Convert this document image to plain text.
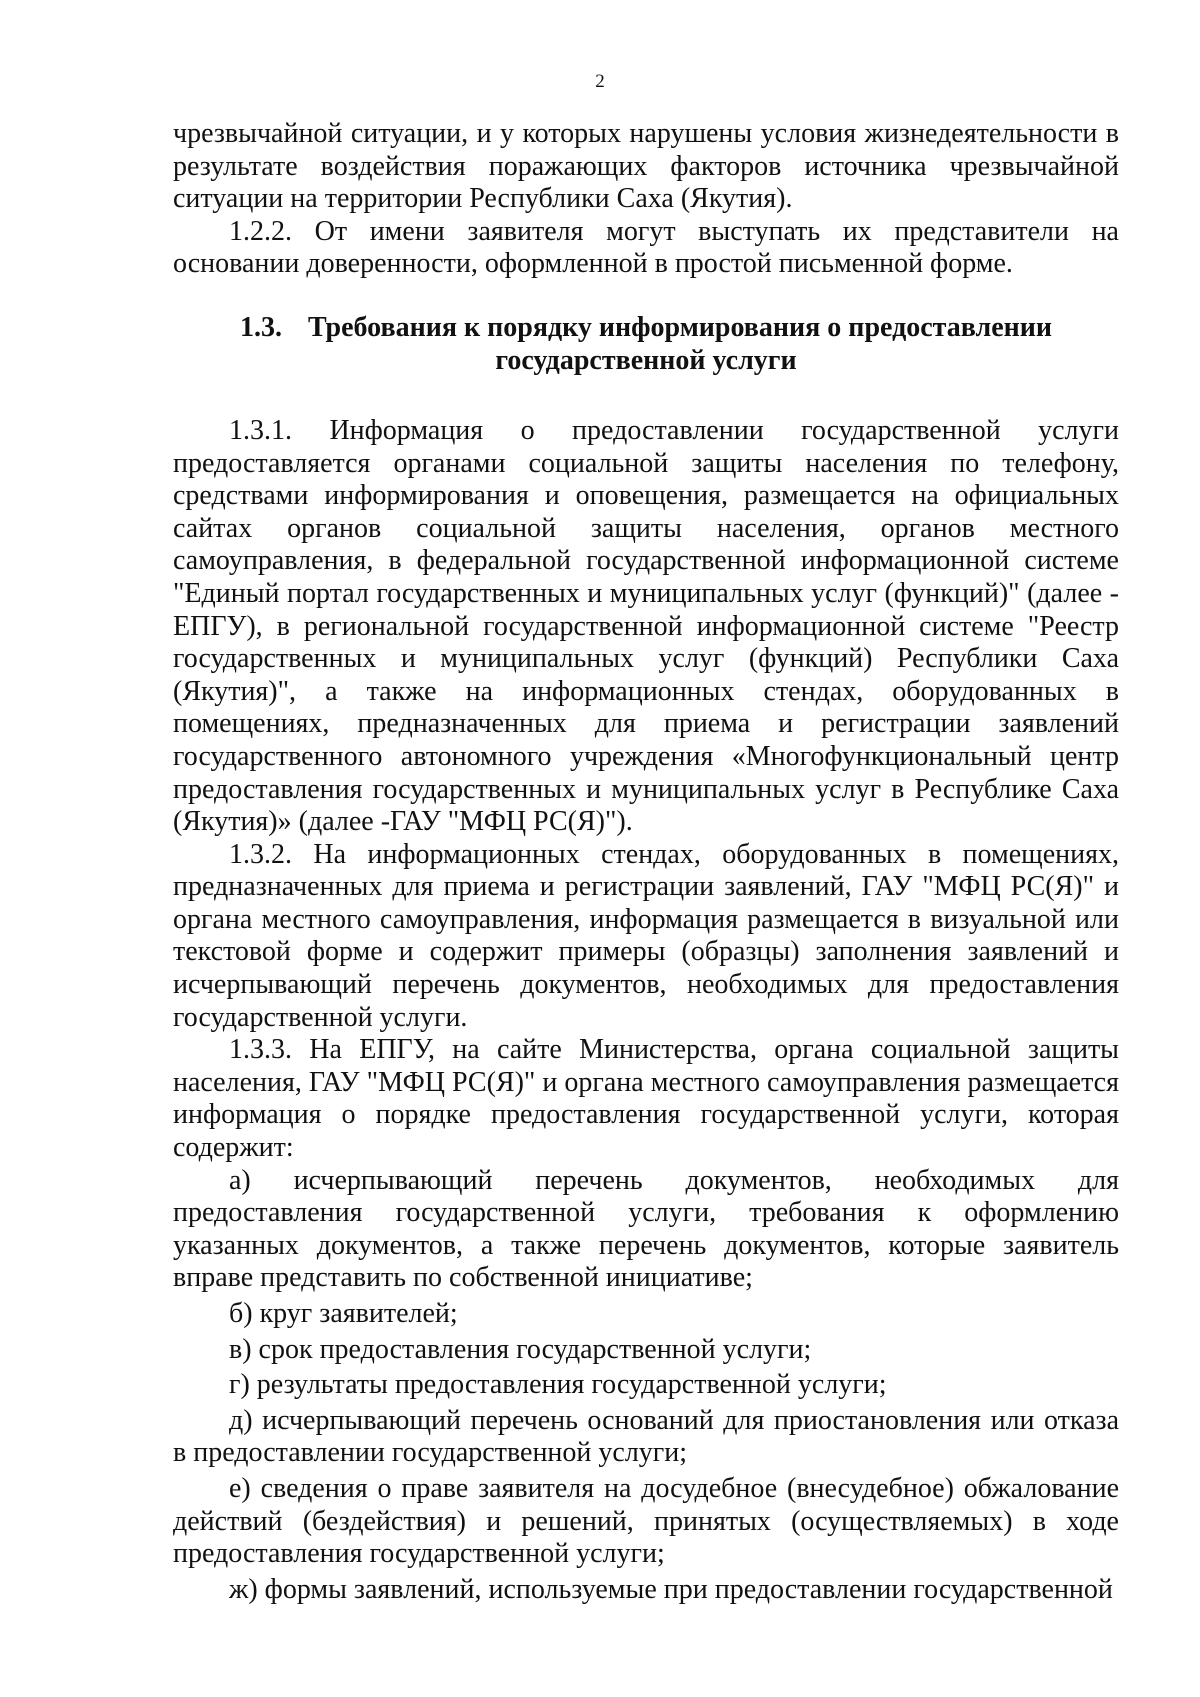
2

чрезвычайной ситуации, и у которых нарушены условия жизнедеятельности в результате воздействия поражающих факторов источника чрезвычайной ситуации на территории Республики Саха (Якутия).

1.2.2. От имени заявителя могут выступать их представители на основании доверенности, оформленной в простой письменной форме.

1.3. Требования к порядку информирования о предоставлении государственной услуги

1.3.1. Информация о предоставлении государственной услуги предоставляется органами социальной защиты населения по телефону, средствами информирования и оповещения, размещается на официальных сайтах органов социальной защиты населения, органов местного самоуправления, в федеральной государственной информационной системе "Единый портал государственных и муниципальных услуг (функций)" (далее - ЕПГУ), в региональной государственной информационной системе "Реестр государственных и муниципальных услуг (функций) Республики Саха (Якутия)", а также на информационных стендах, оборудованных в помещениях, предназначенных для приема и регистрации заявлений государственного автономного учреждения «Многофункциональный центр предоставления государственных и муниципальных услуг в Республике Саха (Якутия)» (далее -ГАУ "МФЦ РС(Я)").

1.3.2. На информационных стендах, оборудованных в помещениях, предназначенных для приема и регистрации заявлений, ГАУ "МФЦ РС(Я)" и органа местного самоуправления, информация размещается в визуальной или текстовой форме и содержит примеры (образцы) заполнения заявлений и исчерпывающий перечень документов, необходимых для предоставления государственной услуги.

1.3.3. На ЕПГУ, на сайте Министерства, органа социальной защиты населения, ГАУ "МФЦ РС(Я)" и органа местного самоуправления размещается информация о порядке предоставления государственной услуги, которая содержит:

а) исчерпывающий перечень документов, необходимых для предоставления государственной услуги, требования к оформлению указанных документов, а также перечень документов, которые заявитель вправе представить по собственной инициативе;

б) круг заявителей;

в) срок предоставления государственной услуги;

г) результаты предоставления государственной услуги;

д) исчерпывающий перечень оснований для приостановления или отказа в предоставлении государственной услуги;

е) сведения о праве заявителя на досудебное (внесудебное) обжалование действий (бездействия) и решений, принятых (осуществляемых) в ходе предоставления государственной услуги;

ж) формы заявлений, используемые при предоставлении государственной
